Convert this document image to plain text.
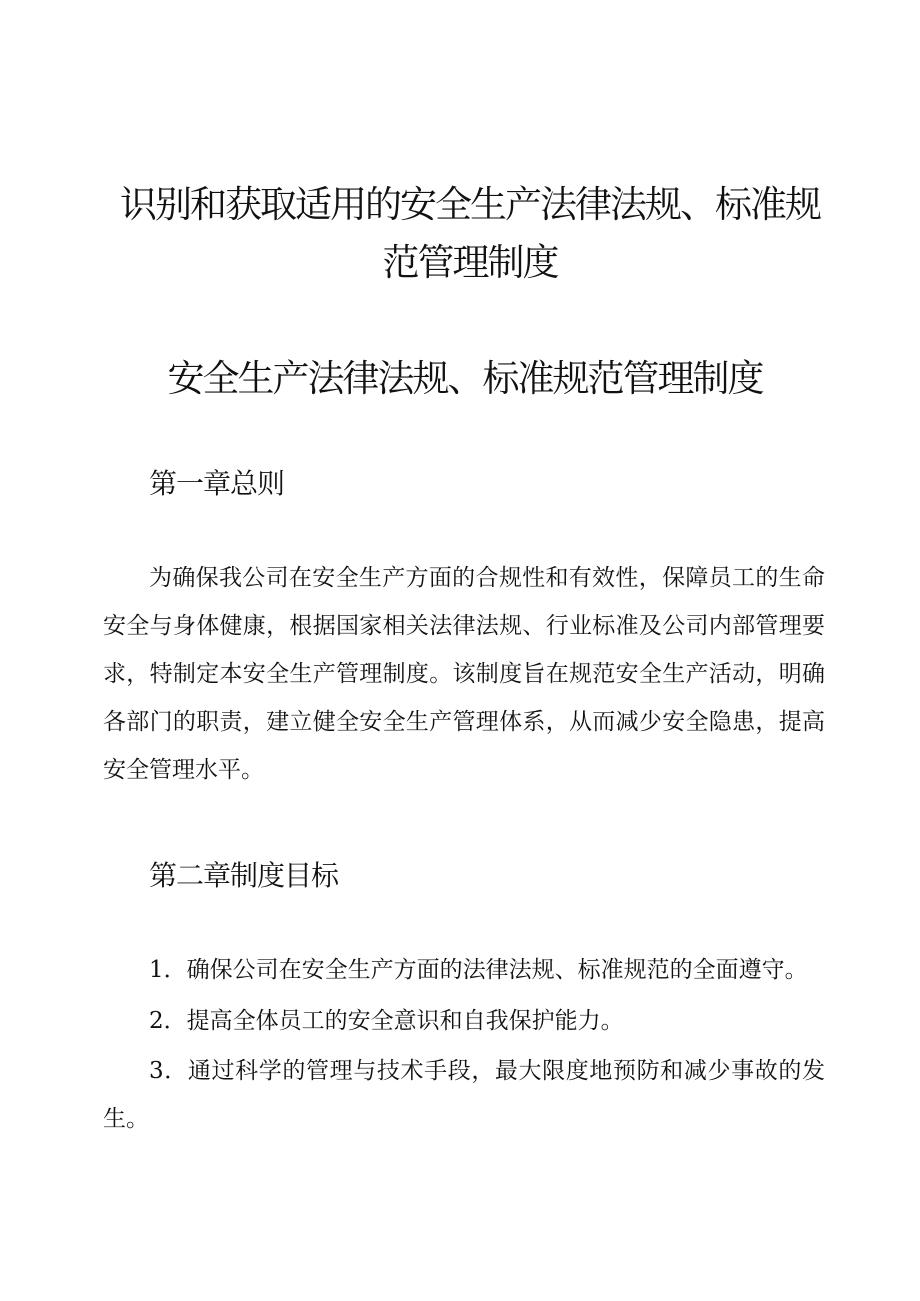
识别和获取适用的安全生产法律法规、标准规范管理制度
安全生产法律法规、标准规范管理制度
第一章总则

为确保我公司在安全生产方面的合规性和有效性，保障员工的生命安全与身体健康，根据国家相关法律法规、行业标准及公司内部管理要求，特制定本安全生产管理制度。该制度旨在规范安全生产活动，明确各部门的职责，建立健全安全生产管理体系，从而减少安全隐患，提高安全管理水平。

第二章制度目标

1．确保公司在安全生产方面的法律法规、标准规范的全面遵守。

2．提高全体员工的安全意识和自我保护能力。

3．通过科学的管理与技术手段，最大限度地预防和减少事故的发生。
